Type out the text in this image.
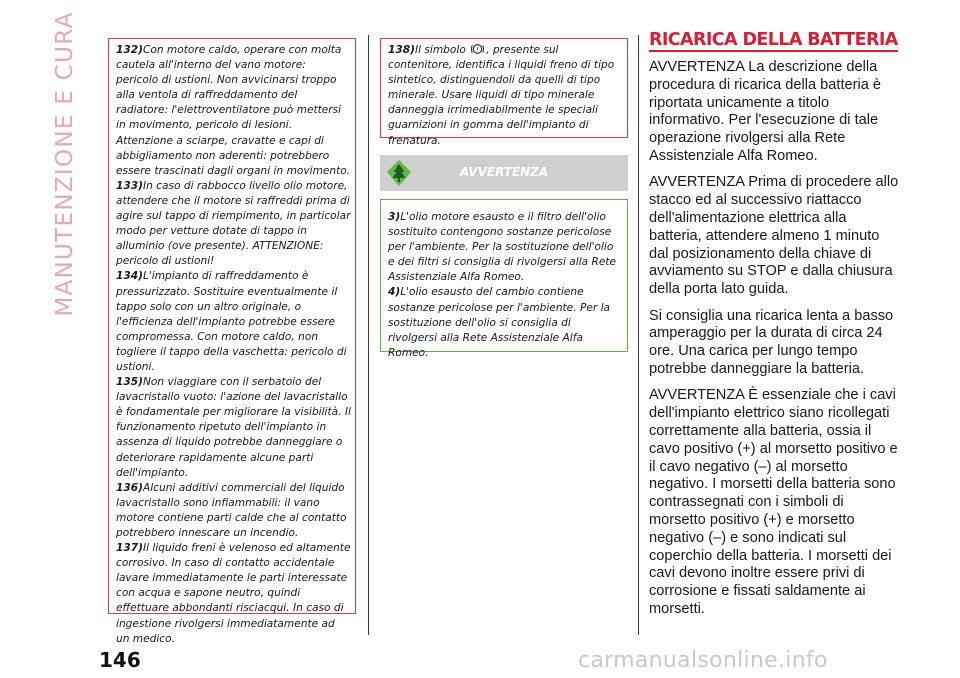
MANUTENZIONE E CURA	132)Con motore caldo, operare con molta cautela all'interno del vano motore: pericolo di ustioni. Non avvicinarsi troppo alla ventola di raffreddamento del radiatore: l'elettroventilatore può mettersi in movimento, pericolo di lesioni. Attenzione a sciarpe, cravatte e capi di abbigliamento non aderenti: potrebbero essere trascinati dagli organi in movimento.
133)In caso di rabbocco livello olio motore, attendere che il motore si raffreddi prima di agire sul tappo di riempimento, in particolar modo per vetture dotate di tappo in alluminio (ove presente). ATTENZIONE: pericolo di ustioni!
134)L'impianto di raffreddamento è pressurizzato. Sostituire eventualmente il tappo solo con un altro originale, o l'efficienza dell'impianto potrebbe essere compromessa. Con motore caldo, non togliere il tappo della vaschetta: pericolo di ustioni.
135)Non viaggiare con il serbatoio del lavacristallo vuoto: l'azione del lavacristallo è fondamentale per migliorare la visibilità. Il funzionamento ripetuto dell'impianto in assenza di liquido potrebbe danneggiare o deteriorare rapidamente alcune parti dell'impianto.
136)Alcuni additivi commerciali del liquido lavacristallo sono infiammabili: il vano motore contiene parti calde che al contatto potrebbero innescare un incendio.
137)Il liquido freni è velenoso ed altamente corrosivo. In caso di contatto accidentale lavare immediatamente le parti interessate con acqua e sapone neutro, quindi effettuare abbondanti risciacqui. In caso di ingestione rivolgersi immediatamente ad un medico.
138)Il simbolo ! , presente sul contenitore, identifica i liquidi freno di tipo sintetico, distinguendoli da quelli di tipo minerale. Usare liquidi di tipo minerale danneggia irrimediabilmente le speciali guarnizioni in gomma dell'impianto di frenatura.
AVVERTENZA
3)L'olio motore esausto e il filtro dell'olio sostituito contengono sostanze pericolose per l'ambiente. Per la sostituzione dell'olio e dei filtri si consiglia di rivolgersi alla Rete Assistenziale Alfa Romeo.
4)L'olio esausto del cambio contiene sostanze pericolose per l'ambiente. Per la sostituzione dell'olio si consiglia di rivolgersi alla Rete Assistenziale Alfa Romeo.
RICARICA DELLA BATTERIA

AVVERTENZA La descrizione della procedura di ricarica della batteria è riportata unicamente a titolo informativo. Per l'esecuzione di tale operazione rivolgersi alla Rete Assistenziale Alfa Romeo.

AVVERTENZA Prima di procedere allo stacco ed al successivo riattacco dell'alimentazione elettrica alla batteria, attendere almeno 1 minuto dal posizionamento della chiave di avviamento su STOP e dalla chiusura della porta lato guida.

Si consiglia una ricarica lenta a basso amperaggio per la durata di circa 24 ore. Una carica per lungo tempo potrebbe danneggiare la batteria.

AVVERTENZA È essenziale che i cavi dell'impianto elettrico siano ricollegati correttamente alla batteria, ossia il cavo positivo (+) al morsetto positivo e il cavo negativo (–) al morsetto negativo. I morsetti della batteria sono contrassegnati con i simboli di morsetto positivo (+) e morsetto negativo (–) e sono indicati sul coperchio della batteria. I morsetti dei cavi devono inoltre essere privi di corrosione e fissati saldamente ai morsetti.

146	carmanualsonline.info
